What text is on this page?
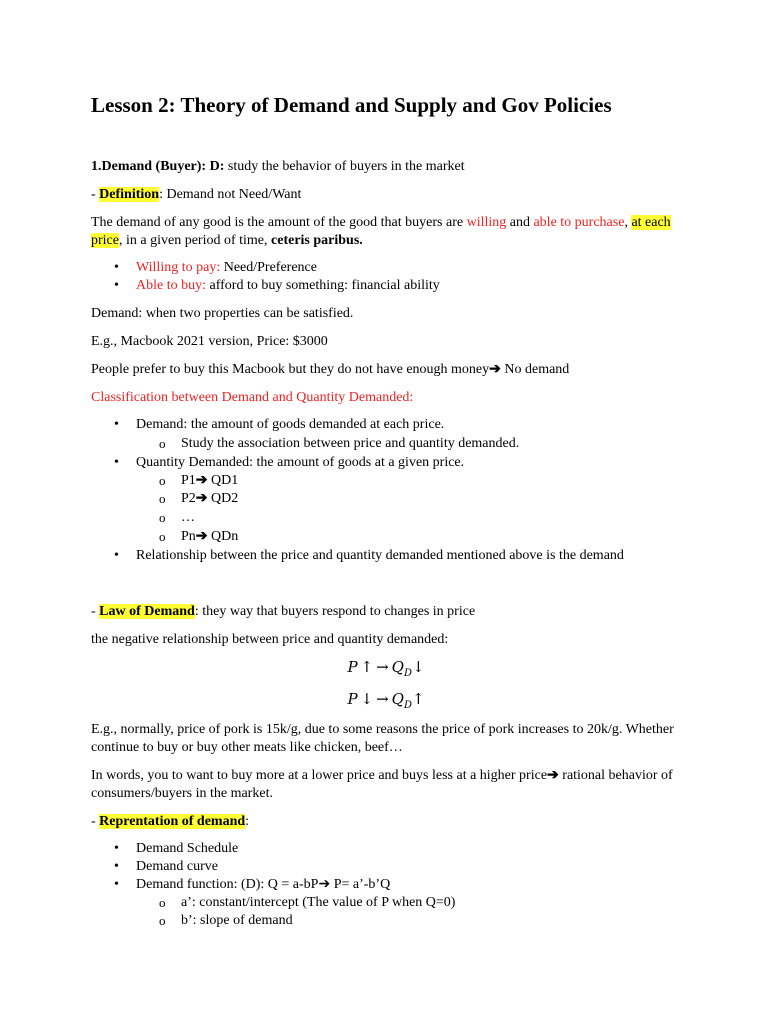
Lesson 2: Theory of Demand and Supply and Gov Policies

1.Demand (Buyer): D: study the behavior of buyers in the market

- Definition: Demand not Need/Want

The demand of any good is the amount of the good that buyers are willing and able to purchase, at each price, in a given period of time, ceteris paribus.

• Willing to pay: Need/Preference
• Able to buy: afford to buy something: financial ability

Demand: when two properties can be satisfied.

E.g., Macbook 2021 version, Price: $3000

People prefer to buy this Macbook but they do not have enough money➔ No demand

Classification between Demand and Quantity Demanded:

• Demand: the amount of goods demanded at each price.
o Study the association between price and quantity demanded.
• Quantity Demanded: the amount of goods at a given price.
o P1➔ QD1
o P2➔ QD2
o …
o Pn➔ QDn
• Relationship between the price and quantity demanded mentioned above is the demand

- Law of Demand: they way that buyers respond to changes in price

the negative relationship between price and quantity demanded:

P ↑ → $Q_D↓$
P ↓ → $Q_D↑$

E.g., normally, price of pork is 15k/g, due to some reasons the price of pork increases to 20k/g. Whether continue to buy or buy other meats like chicken, beef…

In words, you to want to buy more at a lower price and buys less at a higher price➔ rational behavior of consumers/buyers in the market.

- Reprentation of demand:

• Demand Schedule
• Demand curve
• Demand function: (D): Q = a-bP➔ P= a’-b’Q
o a’: constant/intercept (The value of P when Q=0)
o b’: slope of demand
